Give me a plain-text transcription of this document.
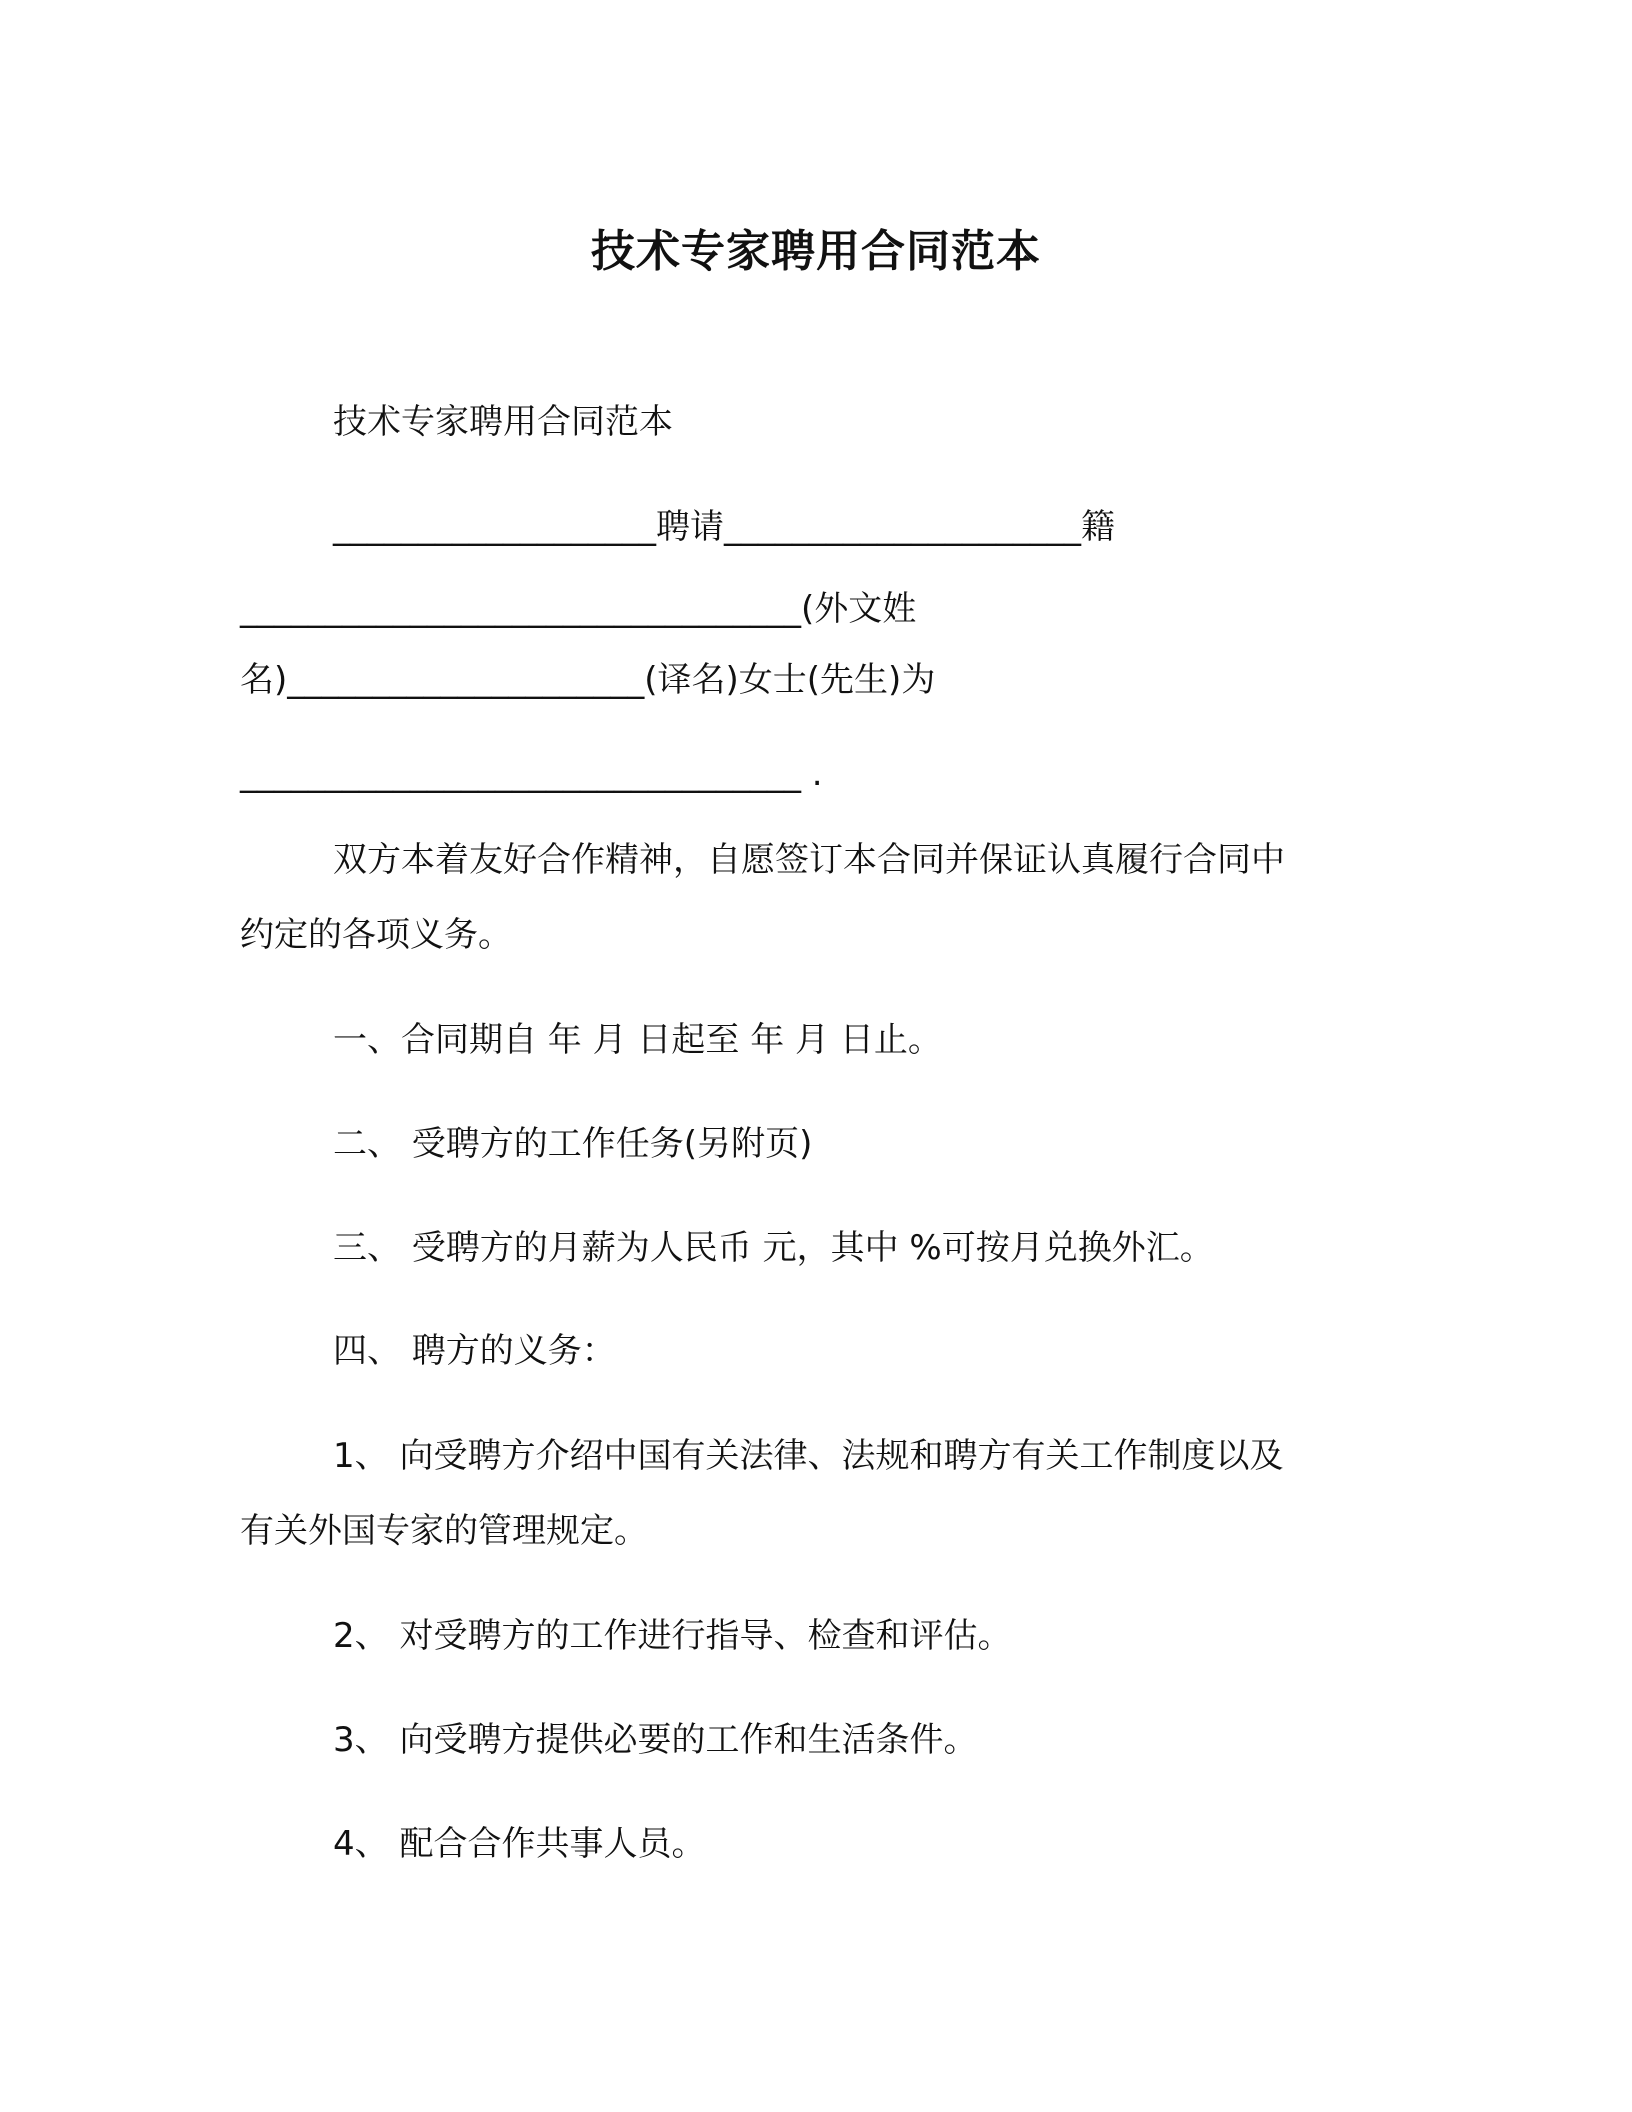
技术专家聘用合同范本
技术专家聘用合同范本
___________________聘请_____________________籍
_________________________________(外文姓
名)_____________________(译名)女士(先生)为
_________________________________ .
双方本着友好合作精神，自愿签订本合同并保证认真履行合同中
约定的各项义务。
一、合同期自 年 月 日起至 年 月 日止。
二、 受聘方的工作任务(另附页)
三、 受聘方的月薪为人民币 元，其中 %可按月兑换外汇。
四、 聘方的义务：
1、 向受聘方介绍中国有关法律、法规和聘方有关工作制度以及
有关外国专家的管理规定。
2、 对受聘方的工作进行指导、检查和评估。
3、 向受聘方提供必要的工作和生活条件。
4、 配合合作共事人员。
